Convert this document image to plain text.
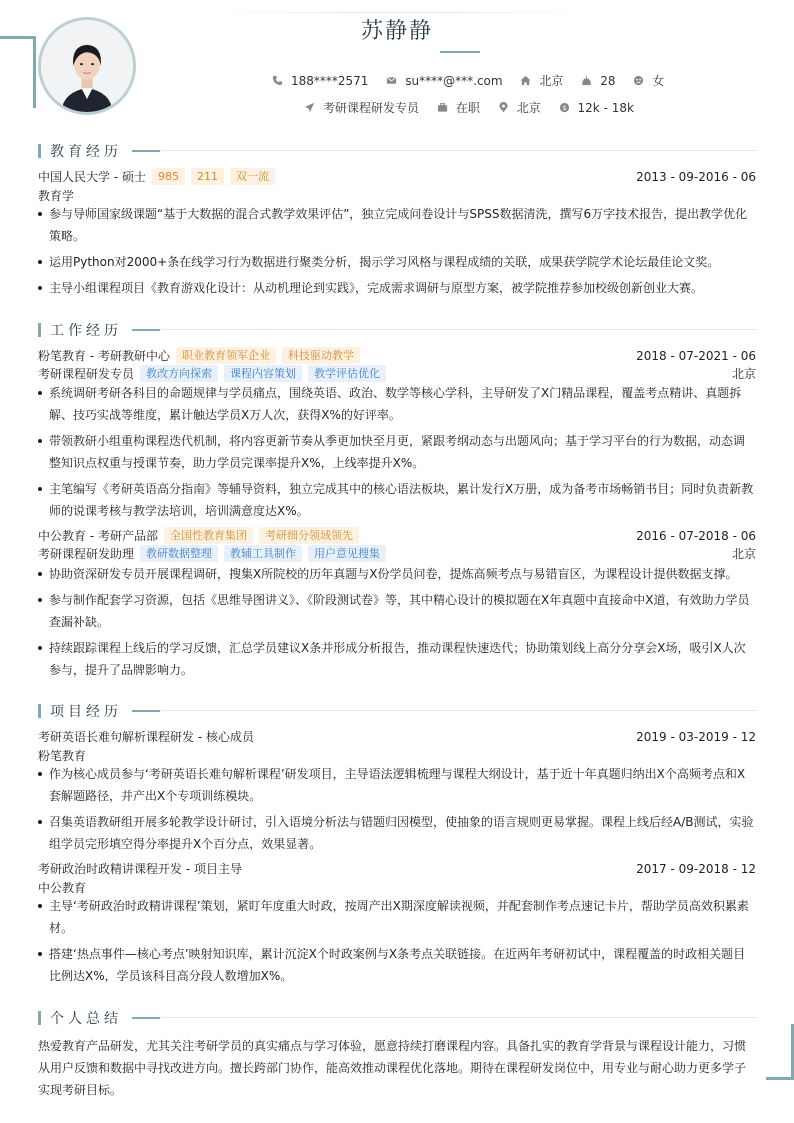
苏静静
188****2571
	su****@***.com
	北京
	28
	女
考研课程研发专员
	在职
	北京
	$ 12k - 18k
教育经历
中国人民大学 - 硕士	985	211	双一流	2013 - 09-2016 - 06
教育学
参与导师国家级课题“基于大数据的混合式教学效果评估”，独立完成问卷设计与SPSS数据清洗，撰写6万字技术报告，提出教学优化策略。
运用Python对2000+条在线学习行为数据进行聚类分析，揭示学习风格与课程成绩的关联，成果获学院学术论坛最佳论文奖。
主导小组课程项目《教育游戏化设计：从动机理论到实践》，完成需求调研与原型方案，被学院推荐参加校级创新创业大赛。
工作经历
粉笔教育 - 考研教研中心	职业教育领军企业	科技驱动教学	2018 - 07-2021 - 06
考研课程研发专员	教改方向探索	课程内容策划	教学评估优化	北京
系统调研考研各科目的命题规律与学员痛点，围绕英语、政治、数学等核心学科，主导研发了X门精品课程，覆盖考点精讲、真题拆解、技巧实战等维度，累计触达学员X万人次，获得X%的好评率。
带领教研小组重构课程迭代机制，将内容更新节奏从季更加快至月更，紧跟考纲动态与出题风向；基于学习平台的行为数据，动态调整知识点权重与授课节奏，助力学员完课率提升X%，上线率提升X%。
主笔编写《考研英语高分指南》等辅导资料，独立完成其中的核心语法板块，累计发行X万册，成为备考市场畅销书目；同时负责新教师的说课考核与教学法培训，培训满意度达X%。
中公教育 - 考研产品部	全国性教育集团	考研细分领域领先	2016 - 07-2018 - 06
考研课程研发助理	教研数据整理	教辅工具制作	用户意见搜集	北京
协助资深研发专员开展课程调研，搜集X所院校的历年真题与X份学员问卷，提炼高频考点与易错盲区，为课程设计提供数据支撑。
参与制作配套学习资源，包括《思维导图讲义》、《阶段测试卷》等，其中精心设计的模拟题在X年真题中直接命中X道，有效助力学员查漏补缺。
持续跟踪课程上线后的学习反馈，汇总学员建议X条并形成分析报告，推动课程快速迭代；协助策划线上高分分享会X场，吸引X人次参与，提升了品牌影响力。
项目经历
考研英语长难句解析课程研发 - 核心成员	2019 - 03-2019 - 12
粉笔教育
作为核心成员参与‘考研英语长难句解析课程’研发项目，主导语法逻辑梳理与课程大纲设计，基于近十年真题归纳出X个高频考点和X套解题路径，并产出X个专项训练模块。
召集英语教研组开展多轮教学设计研讨，引入语境分析法与错题归因模型，使抽象的语言规则更易掌握。课程上线后经A/B测试，实验组学员完形填空得分率提升X个百分点，效果显著。
考研政治时政精讲课程开发 - 项目主导	2017 - 09-2018 - 12
中公教育
主导‘考研政治时政精讲课程’策划，紧盯年度重大时政，按周产出X期深度解读视频，并配套制作考点速记卡片，帮助学员高效积累素材。
搭建‘热点事件—核心考点’映射知识库，累计沉淀X个时政案例与X条考点关联链接。在近两年考研初试中，课程覆盖的时政相关题目比例达X%，学员该科目高分段人数增加X%。
个人总结
热爱教育产品研发，尤其关注考研学员的真实痛点与学习体验，愿意持续打磨课程内容。具备扎实的教育学背景与课程设计能力，习惯从用户反馈和数据中寻找改进方向。擅长跨部门协作，能高效推动课程优化落地。期待在课程研发岗位中，用专业与耐心助力更多学子实现考研目标。
